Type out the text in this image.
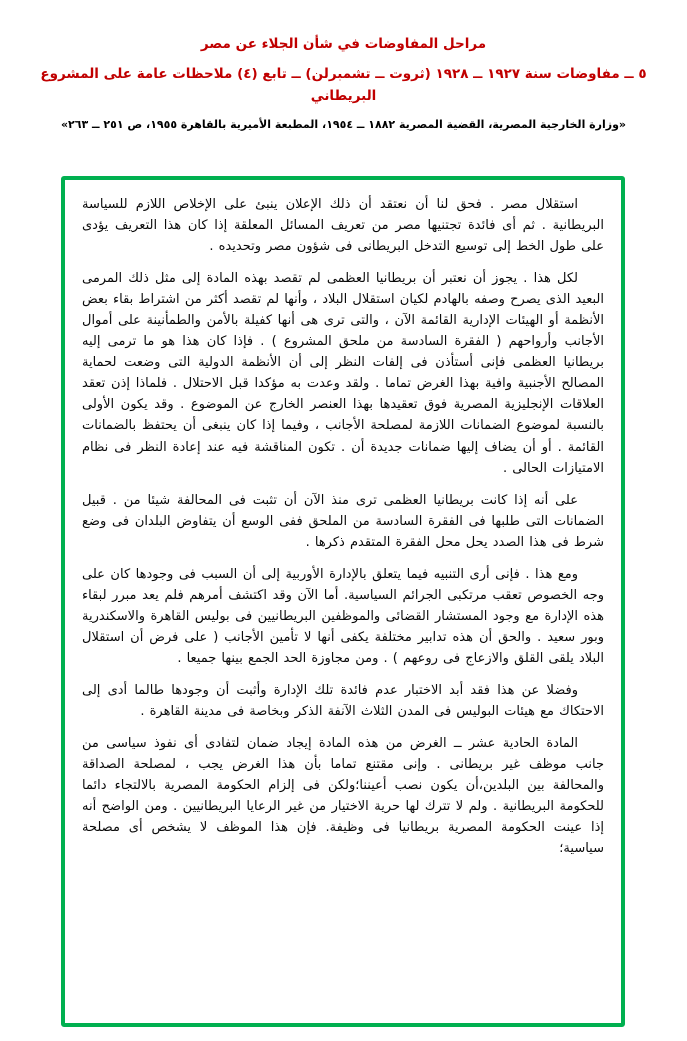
مراحل المفاوضات في شأن الجلاء عن مصر
٥ ــ مفاوضات سنة ١٩٢٧ ــ ١٩٢٨ (ثروت ــ تشمبرلن) ــ تابع (٤) ملاحظات عامة على المشروع البريطاني
«وزارة الخارجية المصرية، القضية المصرية ١٨٨٢ ــ ١٩٥٤، المطبعة الأميرية بالقاهرة ١٩٥٥، ص ٢٥١ ــ ٢٦٣»

استقلال مصر . فحق لنا أن نعتقد أن ذلك الإعلان ينبئ على الإخلاص اللازم للسياسة البريطانية . ثم أى فائدة تجتنيها مصر من تعريف المسائل المعلقة إذا كان هذا التعريف يؤدى على طول الخط إلى توسيع التدخل البريطانى فى شؤون مصر وتحديده .

لكل هذا . يجوز أن نعتبر أن بريطانيا العظمى لم تقصد بهذه المادة إلى مثل ذلك المرمى البعيد الذى يصرح وصفه بالهادم لكيان استقلال البلاد ، وأنها لم تقصد أكثر من اشتراط بقاء بعض الأنظمة أو الهيئات الإدارية القائمة الآن ، والتى ترى هى أنها كفيلة بالأمن والطمأنينة على أموال الأجانب وأرواحهم ( الفقرة السادسة من ملحق المشروع ) . فإذا كان هذا هو ما ترمى إليه بريطانيا العظمى فإنى أستأذن فى إلفات النظر إلى أن الأنظمة الدولية التى وضعت لحماية المصالح الأجنبية وافية بهذا الغرض تماما . ولقد وعدت به مؤكدا قبل الاحتلال . فلماذا إذن تعقد العلاقات الإنجليزية المصرية فوق تعقيدها بهذا العنصر الخارج عن الموضوع . وقد يكون الأولى بالنسبة لموضوع الضمانات اللازمة لمصلحة الأجانب ، وفيما إذا كان ينبغى أن يحتفظ بالضمانات القائمة . أو أن يضاف إليها ضمانات جديدة أن . تكون المناقشة فيه عند إعادة النظر فى نظام الامتيازات الحالى .

على أنه إذا كانت بريطانيا العظمى ترى منذ الآن أن تثبت فى المحالفة شيئا من . قبيل الضمانات التى طلبها فى الفقرة السادسة من الملحق ففى الوسع أن يتفاوض البلدان فى وضع شرط فى هذا الصدد يحل محل الفقرة المتقدم ذكرها .

ومع هذا . فإنى أرى التنبيه فيما يتعلق بالإدارة الأوربية إلى أن السبب فى وجودها كان على وجه الخصوص تعقب مرتكبى الجرائم السياسية. أما الآن وقد اكتشف أمرهم فلم يعد مبرر لبقاء هذه الإدارة مع وجود المستشار القضائى والموظفين البريطانيين فى بوليس القاهرة والاسكندرية وبور سعيد . والحق أن هذه تدابير مختلفة يكفى أنها لا تأمين الأجانب ( على فرض أن استقلال البلاد يلقى القلق والازعاج فى روعهم ) . ومن مجاوزة الحد الجمع بينها جميعا .

وفضلا عن هذا فقد أبد الاختبار عدم فائدة تلك الإدارة وأثبت أن وجودها طالما أدى إلى الاحتكاك مع هيئات البوليس فى المدن الثلاث الآنفة الذكر وبخاصة فى مدينة القاهرة .

المادة الحادية عشر ــ الغرض من هذه المادة إيجاد ضمان لتفادى أى نفوذ سياسى من جانب موظف غير بريطانى . وإنى مقتنع تماما بأن هذا الغرض يجب ، لمصلحة الصداقة والمحالفة بين البلدين،أن يكون نصب أعيننا؛ولكن فى إلزام الحكومة المصرية بالالتجاء دائما للحكومة البريطانية . ولم لا تترك لها حرية الاختيار من غير الرعايا البريطانيين . ومن الواضح أنه إذا عينت الحكومة المصرية بريطانيا فى وظيفة. فإن هذا الموظف لا يشخص أى مصلحة سياسية؛
